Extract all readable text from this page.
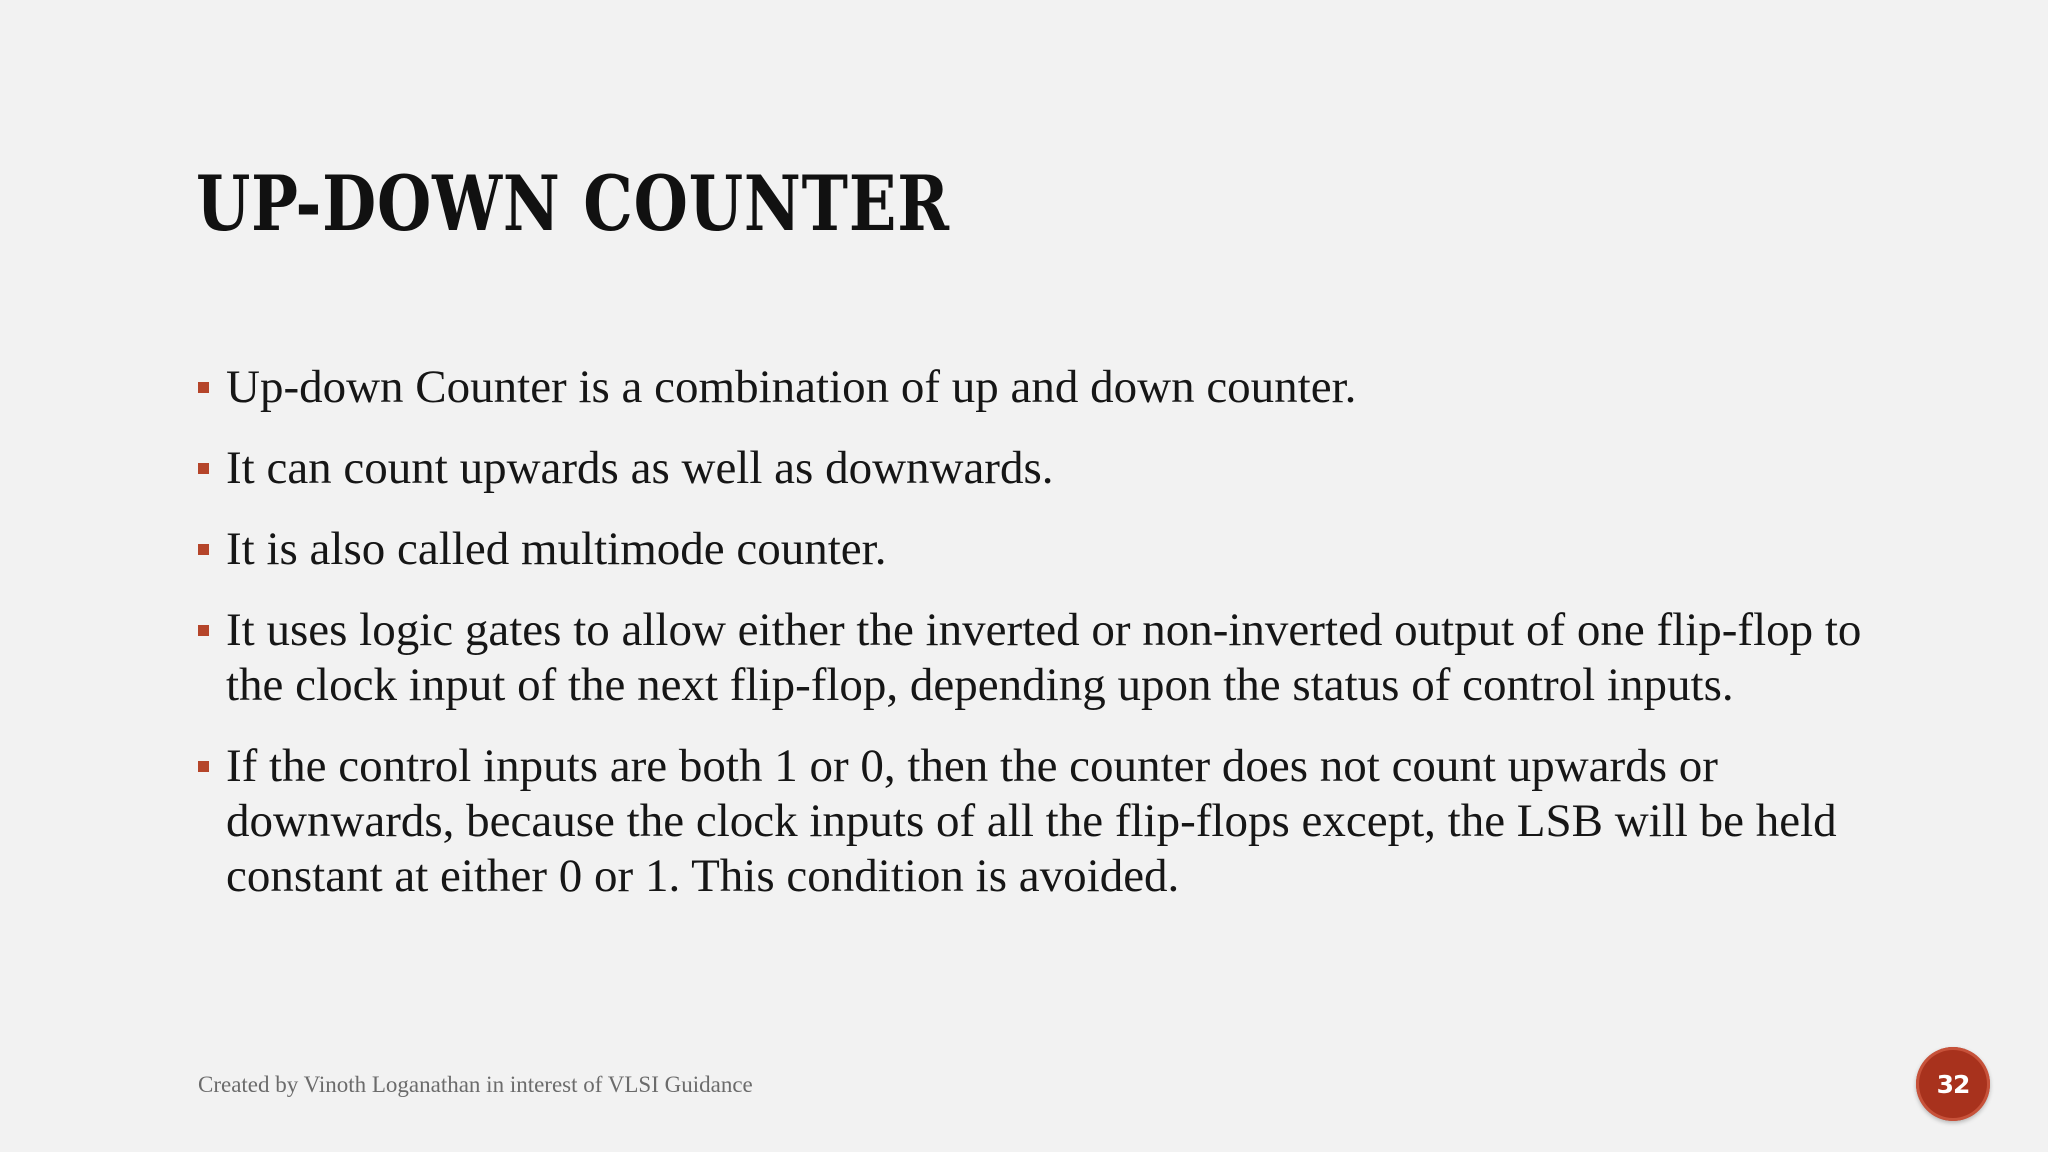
UP-DOWN COUNTER
Up-down Counter is a combination of up and down counter.
It can count upwards as well as downwards.
It is also called multimode counter.
It uses logic gates to allow either the inverted or non-inverted output of one flip-flop to the clock input of the next flip-flop, depending upon the status of control inputs.
If the control inputs are both 1 or 0, then the counter does not count upwards or downwards, because the clock inputs of all the flip-flops except, the LSB will be held constant at either 0 or 1. This condition is avoided.
Created by Vinoth Loganathan in interest of VLSI Guidance	32
